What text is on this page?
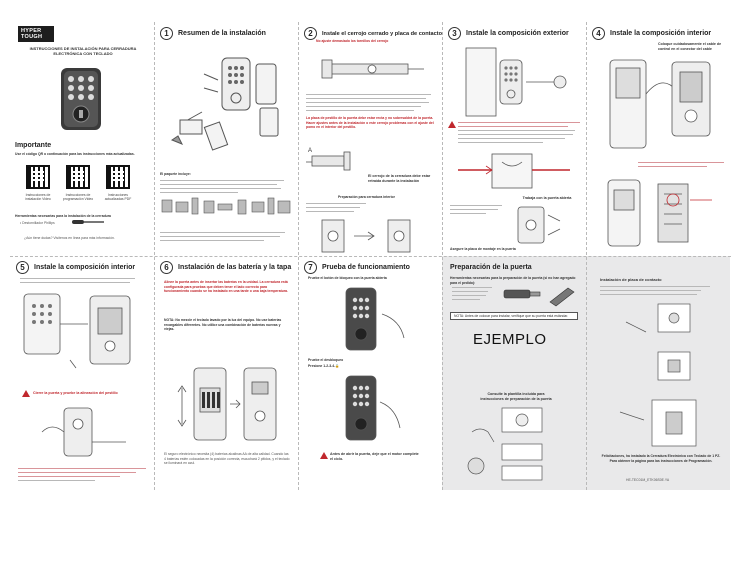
HYPER
TOUGH
INSTRUCCIONES DE INSTALACIÓN PARA CERRADURA ELECTRÓNICA CON TECLADO
Importante
Use el código QR o continuación para las instrucciones más actualizadas.
Instrucciones de instalación Video
Instrucciones de programación Video
Instrucciones actualizadas PDF
Herramientas necesarias para la instalación de la cerradura
• Destornillador Phillips
¿Aún tiene dudas? Visítenos en línea para más información.
1	Resumen de la instalación
El paquete incluye:
2	Instale el cerrojo cerrado y placa de contacto
No ajuste demasiado los tornillos del cerrojo
La placa de pestillo de la puerta debe estar recta y no sobresaldrá de la puerta. Hacer ajustes antes de la instalación o este cerrojo problemas con el ajuste del pomo en el interior del pestillo.
A
El cerrojo de la cerradura debe estar retraída durante la instalación
Preparación para cerradura interior
3	Instale la composición exterior
Trabaja con la puerta abierta
Asegure la placa de montaje en la puerta
4	Instale la composición interior
Coloque cuidadosamente el cable de control en el conector del cable
5	Instale la composición interior
Cierre la puerta y pruebe la alineación del pestillo
6	Instalación de las batería y la tapa
Alinee la puerta antes de insertar las baterías en la unidad. La cerradura está configurada para pruebas que deben tener el lado correcto para funcionamiento cuando se ha instalado en una tarde o una baja temperatura.
NOTA: No mezcle el teclado lavado por la luz del equipo. No use baterías recargables diferentes. No utilice una combinación de baterías nuevas y viejas.
El seguro electrónico necesita (4) baterías alcalinas AA de alta calidad. Cuando las 4 baterías estén colocadas en la posición correcta, escuchará 2 pitidos, y el teclado se iluminará en azul.
7	Prueba de funcionamiento
Pruebe el botón de bloqueo con la puerta abierta
Pruebe el desbloqueo
Presione 1-2-3-4-🔓
Antes de abrir la puerta, deje que el motor complete el ciclo.
Preparación de la puerta
Herramientas necesarias para la preparación de la puerta (si no han agregado para el pedido):
NOTA: Antes de colocar para instalar, verifique que su puerta está estándar.
Consulte la plantilla incluida para instrucciones de preparación de la puerta
EJEMPLO
Instalación de placa de contacto
Felicitaciones, ha instalado la Cerradura Electrónica con Teclado de 1 PZ. Para obtener la página para las instrucciones de Programación.
HE-TEC01M_ETK06S0E.YA
